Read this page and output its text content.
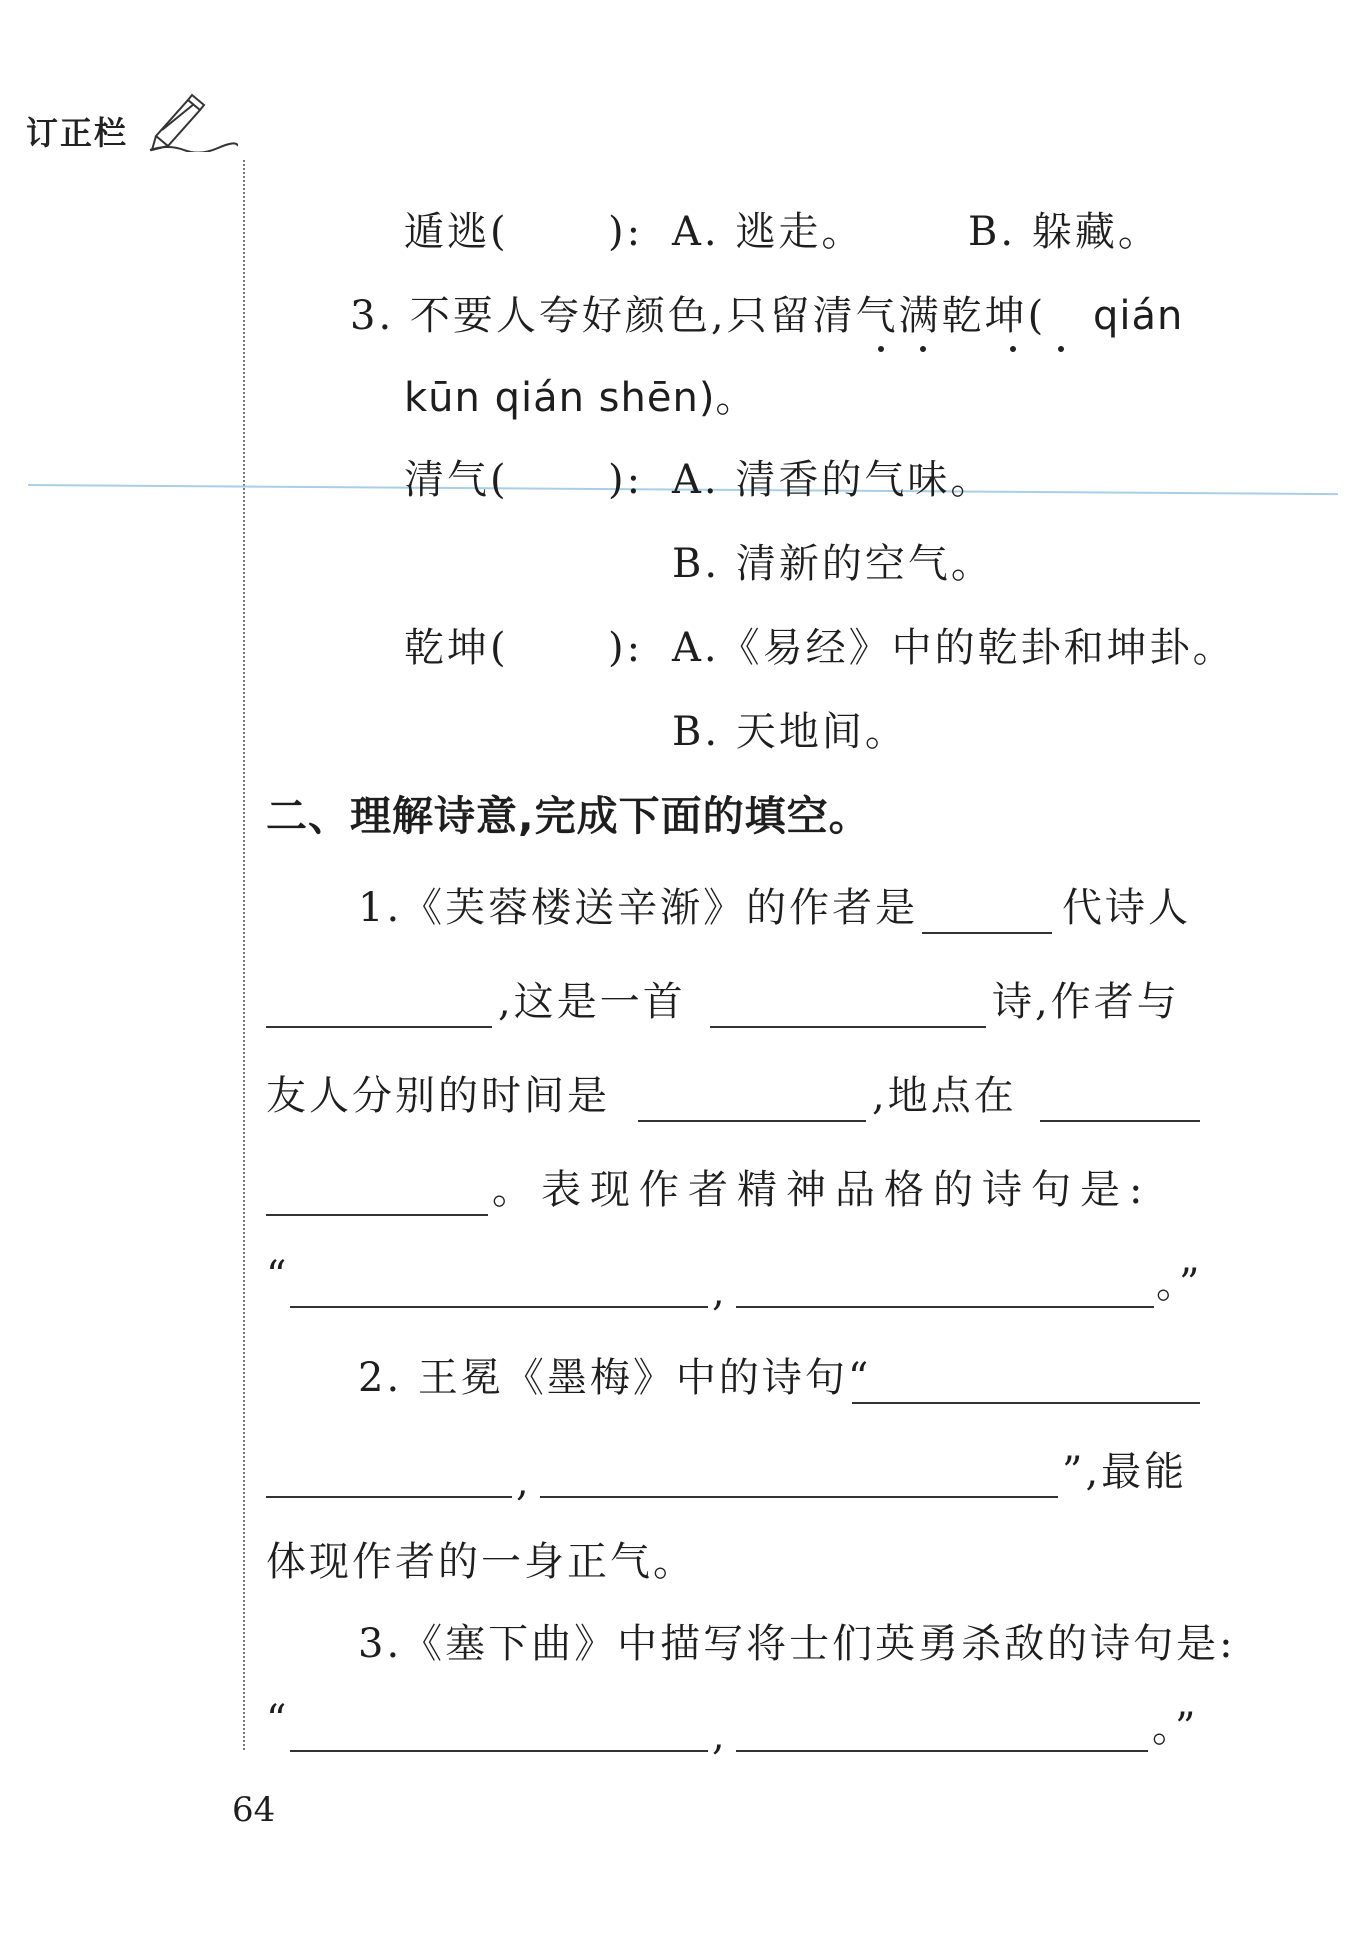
订正栏
遁逃( ): A. 逃走。	B. 躲藏。
3. 不要人夸好颜色,只留清气满乾坤( qián
kūn qián shēn)。
清气( ): A. 清香的气味。
B. 清新的空气。
乾坤( ): A.《易经》中的乾卦和坤卦。
B. 天地间。
二、理解诗意,完成下面的填空。
1.《芙蓉楼送辛渐》的作者是	代诗人
,这是一首	诗,作者与
友人分别的时间是	,地点在
。表现作者精神品格的诗句是:
“	,	。”
2. 王冕《墨梅》中的诗句“
,	”,最能
体现作者的一身正气。
3.《塞下曲》中描写将士们英勇杀敌的诗句是:
“	,	。”
64
